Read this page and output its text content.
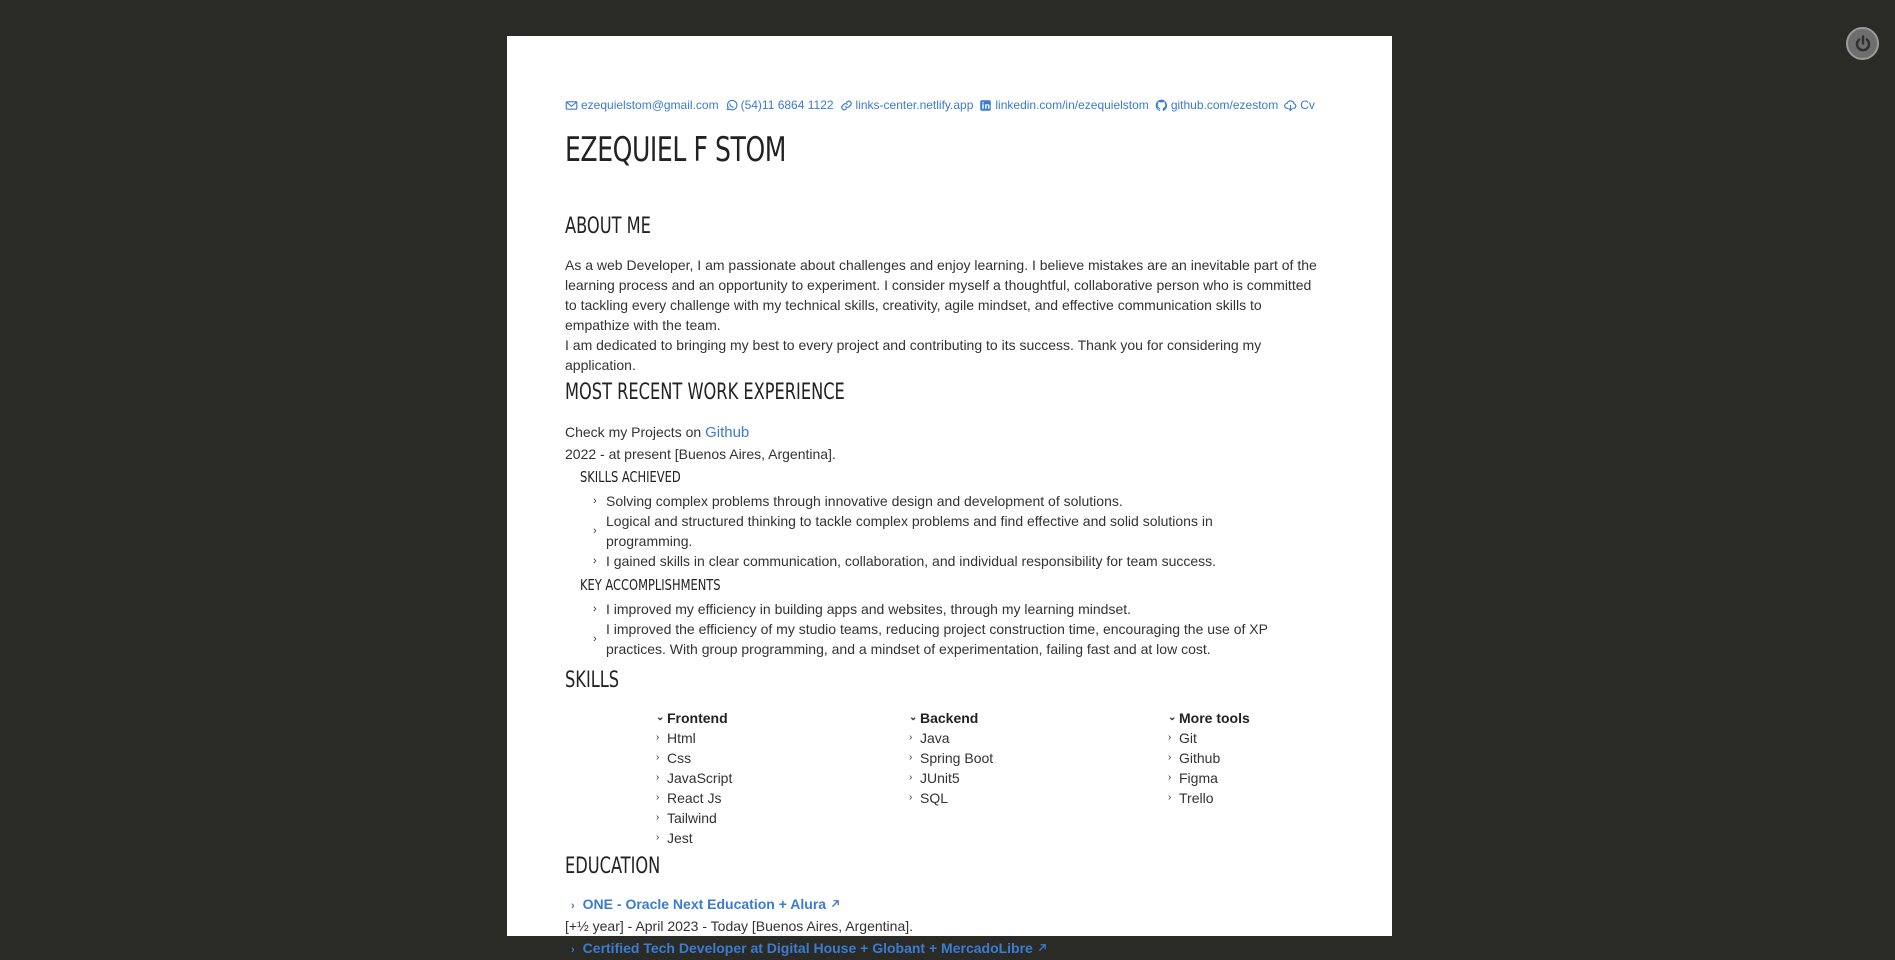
ezequielstom@gmail.com (54)11 6864 1122 links-center.netlify.app linkedin.com/in/ezequielstom github.com/ezestom Cv
EZEQUIEL F STOM
ABOUT ME

As a web Developer, I am passionate about challenges and enjoy learning. I believe mistakes are an inevitable part of the learning process and an opportunity to experiment. I consider myself a thoughtful, collaborative person who is committed to tackling every challenge with my technical skills, creativity, agile mindset, and effective communication skills to empathize with the team.

I am dedicated to bringing my best to every project and contributing to its success. Thank you for considering my application.

MOST RECENT WORK EXPERIENCE
Check my Projects on Github
2022 - at present [Buenos Aires, Argentina].
SKILLS ACHIEVED
› Solving complex problems through innovative design and development of solutions.
›
Logical and structured thinking to tackle complex problems and find effective and solid solutions in programming.
› I gained skills in clear communication, collaboration, and individual responsibility for team success.
KEY ACCOMPLISHMENTS
› I improved my efficiency in building apps and websites, through my learning mindset.
›
I improved the efficiency of my studio teams, reducing project construction time, encouraging the use of XP practices. With group programming, and a mindset of experimentation, failing fast and at low cost.
SKILLS
⌄ Frontend
› Html
› Css
› JavaScript
› React Js
› Tailwind
› Jest
⌄ Backend
› Java
› Spring Boot
› JUnit5
› SQL
⌄ More tools
› Git
› Github
› Figma
› Trello
EDUCATION
› ONE - Oracle Next Education + Alura
[+½ year] - April 2023 - Today [Buenos Aires, Argentina].
› Certified Tech Developer at Digital House + Globant + MercadoLibre
